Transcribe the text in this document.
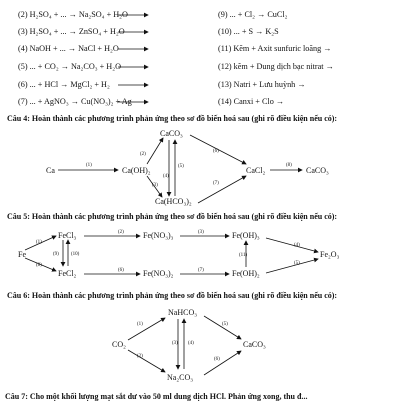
(2) H₂SO₄ + ... → Na₂SO₄ + H₂O
(3) H₂SO₄ + ... → ZnSO₄ + H₂O
(4) NaOH + ... → NaCl + H₂O
(5) ... + CO₂ → Na₂CO₃ + H₂O
(6) ... + HCl → MgCl₂ + H₂
(7) ... + AgNO₃ → Cu(NO₃)₂ + Ag
(9) ... + Cl₂ → CuCl₂
(10) ... + S → K₂S
(11) Kẽm + Axit sunfuric loãng →
(12) kẽm + Dung dịch bạc nitrat →
(13) Natri + Lưu huỳnh →
(14) Canxi + Clo →
Câu 4: Hoàn thành các phương trình phản ứng theo sơ đồ biến hoá sau (ghi rõ điều kiện nếu có):
Ca	Ca(OH)₂
CaCO₃
Ca(HCO₃)₂
CaCl₂	CaCO₃
(1)
(2)
(3)
(4)
(5)
(6)
(7)
(8)
Câu 5: Hoàn thành các phương trình phản ứng theo sơ đồ biến hoá sau (ghi rõ điều kiện nếu có):
Fe
FeCl₃	Fe(NO₃)₃	Fe(OH)₃
FeCl₂	Fe(NO₃)₂	Fe(OH)₂
Fe₂O₃
(1)
(2)	(3)
(4)
(5)
(6)	(7)
(8)
(9) (10)	(11)
Câu 6: Hoàn thành các phương trình phản ứng theo sơ đồ biến hoá sau (ghi rõ điều kiện nếu có):
NaHCO₃
CO₂	CaCO₃
Na₂CO₃
(1)
(2)
(3) (4)
(5)
(6)
Câu 7: Cho một khối lượng mạt sắt dư vào 50 ml dung dịch HCl. Phản ứng xong, thu đ...
